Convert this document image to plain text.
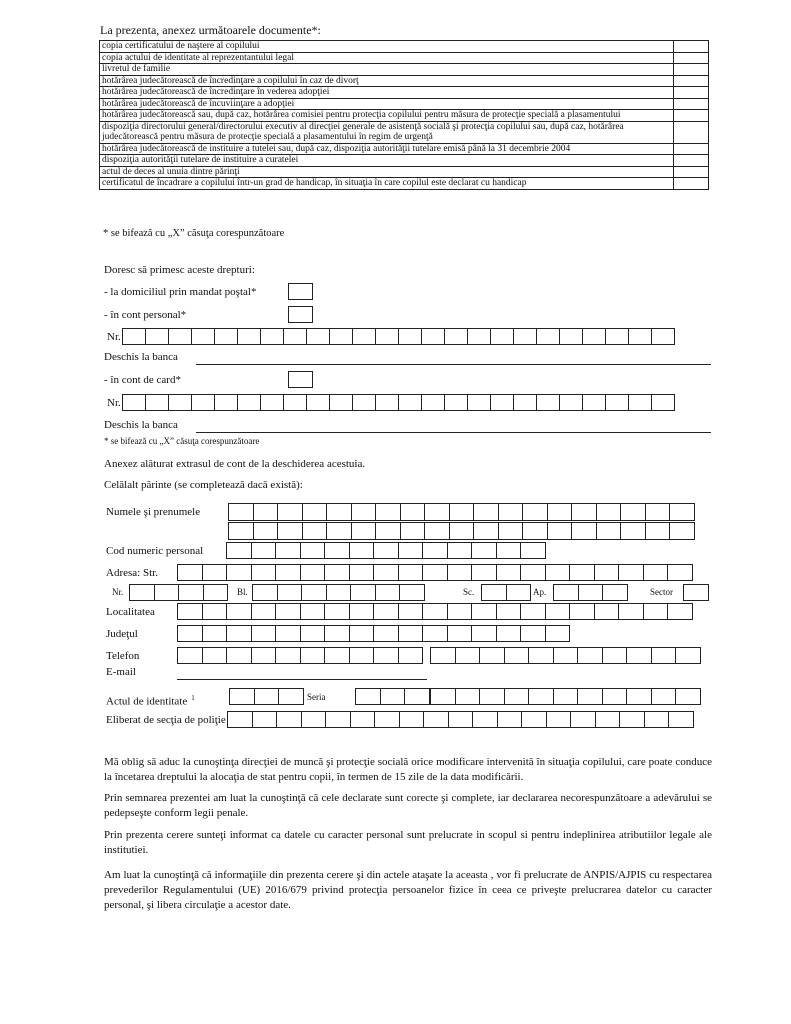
La prezenta, anexez următoarele documente*:
copia certificatului de naştere al copilului	
copia actului de identitate al reprezentantului legal	
livretul de familie	
hotărârea judecătorească de încredinţare a copilului în caz de divorţ	
hotărârea judecătorească de încredinţare în vederea adopţiei	
hotărârea judecătorească de încuviinţare a adopţiei	
hotărârea judecătorească sau, după caz, hotărârea comisiei pentru protecţia copilului pentru măsura de protecţie specială a plasamentului	
dispoziţia directorului general/directorului executiv al direcţiei generale de asistenţă socială şi protecţia copilului sau, după caz, hotărârea judecătorească pentru măsura de protecţie specială a plasamentului în regim de urgenţă	
hotărârea judecătorească de instituire a tutelei sau, după caz, dispoziţia autorităţii tutelare emisă până la 31 decembrie 2004	
dispoziţia autorităţii tutelare de instituire a curatelei	
actul de deces al unuia dintre părinţi	
certificatul de încadrare a copilului într-un grad de handicap, în situaţia în care copilul este declarat cu handicap	
* se bifează cu „X” căsuţa corespunzătoare
Doresc să primesc aceste drepturi:
- la domiciliul prin mandat poştal*
- în cont personal*
Nr.
Deschis la banca
- în cont de card*
Nr.
Deschis la banca
* se bifează cu „X” căsuţa corespunzătoare
Anexez alăturat extrasul de cont de la deschiderea acestuia.
Celălalt părinte (se completează dacă există):
Numele şi prenumele
Cod numeric personal
Adresa: Str.
Nr.	Bl.	Sc.	Ap.	Sector
Localitatea
Judeţul
Telefon
E-mail
Actul de identitate $^1$	Seria
Eliberat de secţia de poliţie
Mă oblig să aduc la cunoştinţa direcţiei de muncă şi protecţie socială orice modificare intervenită în situaţia copilului, care poate conduce la încetarea dreptului la alocaţia de stat pentru copii, în termen de 15 zile de la data modificării.
Prin semnarea prezentei am luat la cunoştinţă că cele declarate sunt corecte şi complete, iar declararea necorespunzătoare a adevărului se pedepseşte conform legii penale.
Prin prezenta cerere sunteţi informat ca datele cu caracter personal sunt prelucrate in scopul si pentru indeplinirea atributiilor legale ale institutiei.
Am luat la cunoştinţă că informaţiile din prezenta cerere şi din actele ataşate la aceasta , vor fi prelucrate de ANPIS/AJPIS cu respectarea prevederilor Regulamentului (UE) 2016/679 privind protecţia persoanelor fizice în ceea ce priveşte prelucrarea datelor cu caracter personal, şi libera circulaţie a acestor date.
